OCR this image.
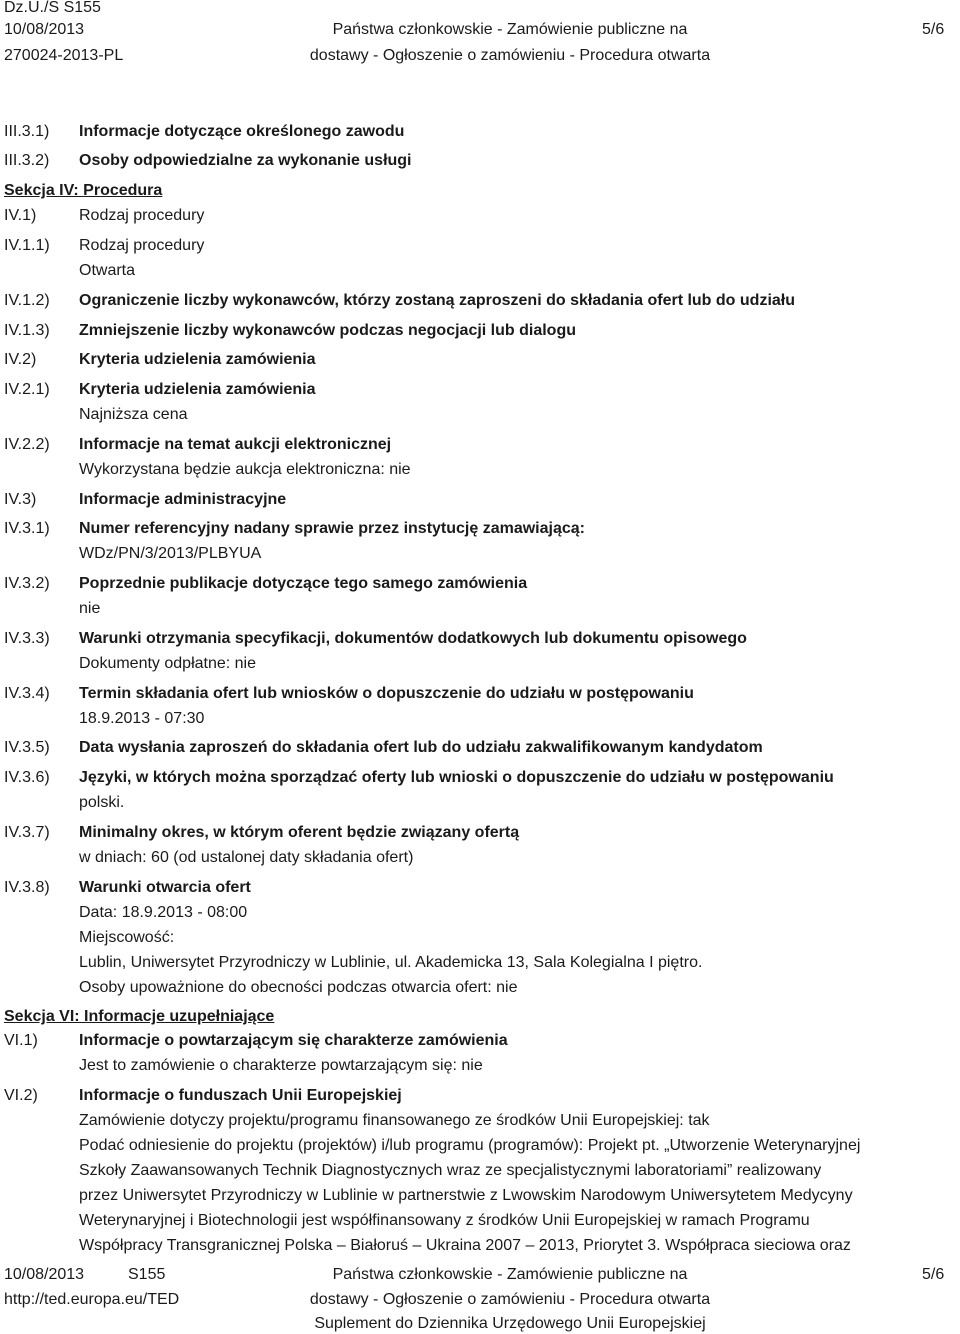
Dz.U./S S155
10/08/2013
270024-2013-PL
Państwa członkowskie - Zamówienie publiczne na
dostawy - Ogłoszenie o zamówieniu - Procedura otwarta
5/6
III.3.1) Informacje dotyczące określonego zawodu
III.3.2) Osoby odpowiedzialne za wykonanie usługi
Sekcja IV: Procedura
IV.1)	Rodzaj procedury
IV.1.1) Rodzaj procedury
Otwarta
IV.1.2) Ograniczenie liczby wykonawców, którzy zostaną zaproszeni do składania ofert lub do udziału
IV.1.3) Zmniejszenie liczby wykonawców podczas negocjacji lub dialogu
IV.2)	Kryteria udzielenia zamówienia
IV.2.1) Kryteria udzielenia zamówienia
Najniższa cena
IV.2.2) Informacje na temat aukcji elektronicznej
Wykorzystana będzie aukcja elektroniczna: nie
IV.3)	Informacje administracyjne
IV.3.1) Numer referencyjny nadany sprawie przez instytucję zamawiającą:
WDz/PN/3/2013/PLBYUA
IV.3.2) Poprzednie publikacje dotyczące tego samego zamówienia
nie
IV.3.3) Warunki otrzymania specyfikacji, dokumentów dodatkowych lub dokumentu opisowego
Dokumenty odpłatne: nie
IV.3.4) Termin składania ofert lub wniosków o dopuszczenie do udziału w postępowaniu
18.9.2013 - 07:30
IV.3.5) Data wysłania zaproszeń do składania ofert lub do udziału zakwalifikowanym kandydatom
IV.3.6) Języki, w których można sporządzać oferty lub wnioski o dopuszczenie do udziału w postępowaniu
polski.
IV.3.7) Minimalny okres, w którym oferent będzie związany ofertą
w dniach: 60 (od ustalonej daty składania ofert)
IV.3.8) Warunki otwarcia ofert
Data: 18.9.2013 - 08:00
Miejscowość:
Lublin, Uniwersytet Przyrodniczy w Lublinie, ul. Akademicka 13, Sala Kolegialna I piętro.
Osoby upoważnione do obecności podczas otwarcia ofert: nie
Sekcja VI: Informacje uzupełniające
VI.1)	Informacje o powtarzającym się charakterze zamówienia
Jest to zamówienie o charakterze powtarzającym się: nie
VI.2)	Informacje o funduszach Unii Europejskiej
Zamówienie dotyczy projektu/programu finansowanego ze środków Unii Europejskiej: tak
Podać odniesienie do projektu (projektów) i/lub programu (programów): Projekt pt. „Utworzenie Weterynaryjnej
Szkoły Zaawansowanych Technik Diagnostycznych wraz ze specjalistycznymi laboratoriami” realizowany
przez Uniwersytet Przyrodniczy w Lublinie w partnerstwie z Lwowskim Narodowym Uniwersytetem Medycyny
Weterynaryjnej i Biotechnologii jest współfinansowany z środków Unii Europejskiej w ramach Programu
Współpracy Transgranicznej Polska – Białoruś – Ukraina 2007 – 2013, Priorytet 3. Współpraca sieciowa oraz
10/08/2013	S155
http://ted.europa.eu/TED
Państwa członkowskie - Zamówienie publiczne na
dostawy - Ogłoszenie o zamówieniu - Procedura otwarta
Suplement do Dziennika Urzędowego Unii Europejskiej
5/6
